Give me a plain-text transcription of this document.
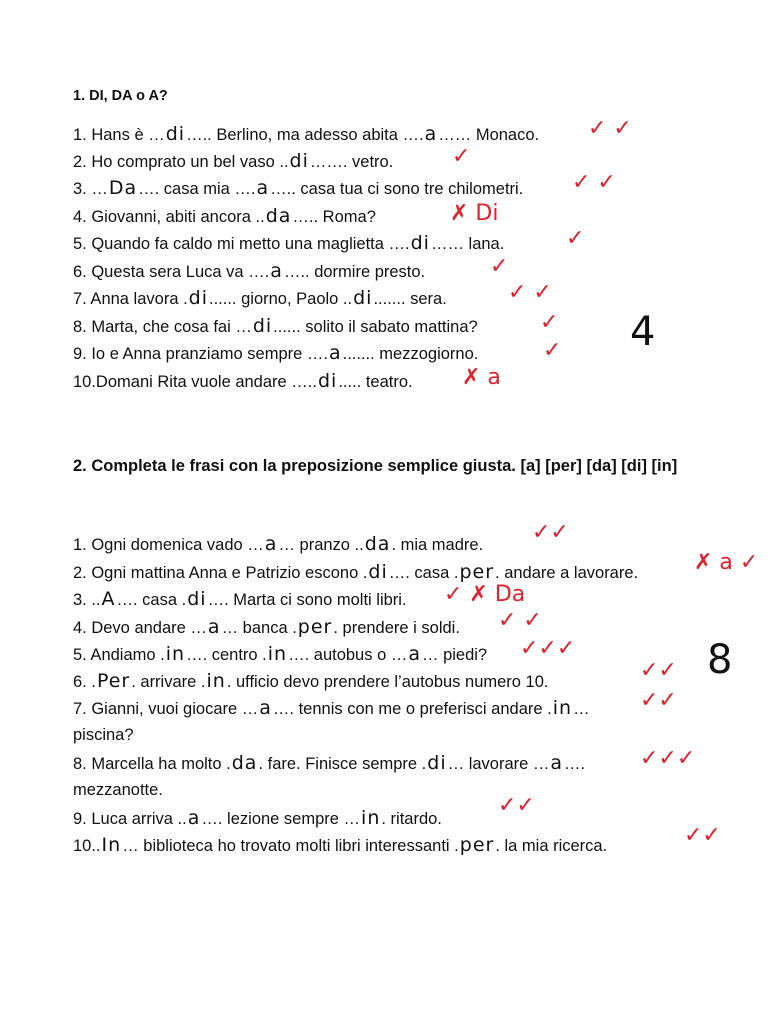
1. DI, DA o A?
1. Hans è …di….. Berlino, ma adesso abita ….a…… Monaco.
2. Ho comprato un bel vaso ..di……. vetro.
3. …Da…. casa mia ….a….. casa tua ci sono tre chilometri.
4. Giovanni, abiti ancora ..da….. Roma?
5. Quando fa caldo mi metto una maglietta ….di…… lana.
6. Questa sera Luca va ….a….. dormire presto.
7. Anna lavora .di...... giorno, Paolo ..di....... sera.
8. Marta, che cosa fai …di...... solito il sabato mattina?
9. Io e Anna pranziamo sempre ….a....... mezzogiorno.
10.Domani Rita vuole andare …..di..... teatro.
✓ ✓
✓
✓ ✓
✗ Di
✓
✓
✓ ✓
✓
✓
✗ a
4
2. Completa le frasi con la preposizione semplice giusta. [a] [per] [da] [di] [in]
1. Ogni domenica vado …a… pranzo ..da. mia madre.
2. Ogni mattina Anna e Patrizio escono .di…. casa .per. andare a lavorare.
3. ..A…. casa .di…. Marta ci sono molti libri.
4. Devo andare …a… banca .per. prendere i soldi.
5. Andiamo .in…. centro .in…. autobus o …a… piedi?
6. .Per. arrivare .in. ufficio devo prendere l’autobus numero 10.
7. Gianni, vuoi giocare …a…. tennis con me o preferisci andare .in…
piscina?
8. Marcella ha molto .da. fare. Finisce sempre .di… lavorare …a….
mezzanotte.
9. Luca arriva ..a…. lezione sempre …in. ritardo.
10..In… biblioteca ho trovato molti libri interessanti .per. la mia ricerca.
✓✓
✗ a ✓
✓ ✗ Da
✓ ✓
✓✓✓
✓✓
✓✓
✓✓✓
✓✓
✓✓
8
